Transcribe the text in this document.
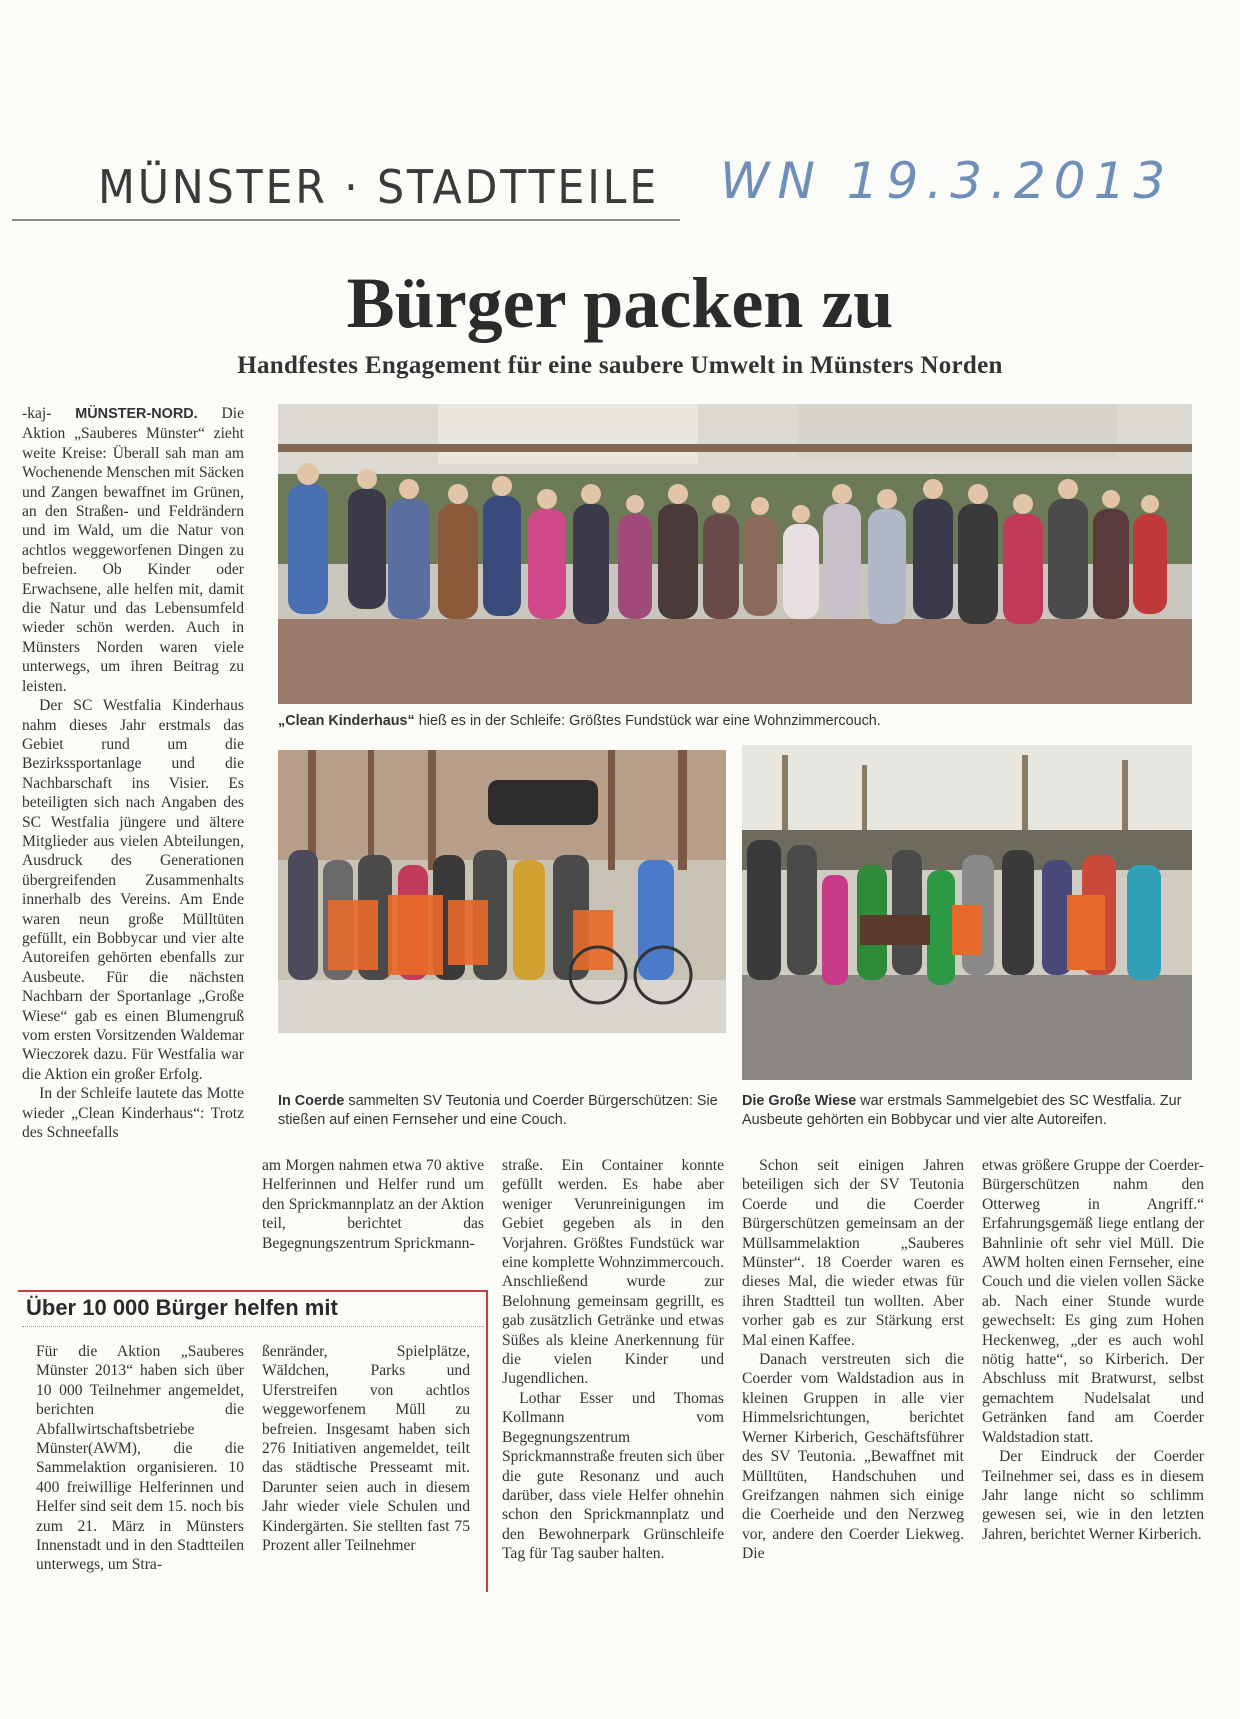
MÜNSTER · STADTTEILE WN 19.3.2013
Bürger packen zu
Handfestes Engagement für eine saubere Umwelt in Münsters Norden

-kaj- MÜNSTER-NORD. Die Aktion „Sauberes Münster“ zieht weite Kreise: Überall sah man am Wochenende Menschen mit Säcken und Zangen bewaffnet im Grünen, an den Straßen- und Feldrändern und im Wald, um die Natur von achtlos weggeworfenen Dingen zu befreien. Ob Kinder oder Erwachsene, alle helfen mit, damit die Natur und das Lebensumfeld wieder schön werden. Auch in Münsters Norden waren viele unterwegs, um ihren Beitrag zu leisten.

Der SC Westfalia Kinderhaus nahm dieses Jahr erstmals das Gebiet rund um die Bezirkssportanlage und die Nachbarschaft ins Visier. Es beteiligten sich nach Angaben des SC Westfalia jüngere und ältere Mitglieder aus vielen Abteilungen, Ausdruck des Generationen übergreifenden Zusammenhalts innerhalb des Vereins. Am Ende waren neun große Mülltüten gefüllt, ein Bobbycar und vier alte Autoreifen gehörten ebenfalls zur Ausbeute. Für die nächsten Nachbarn der Sportanlage „Große Wiese“ gab es einen Blumengruß vom ersten Vorsitzenden Waldemar Wieczorek dazu. Für Westfalia war die Aktion ein großer Erfolg.

In der Schleife lautete das Motte wieder „Clean Kinderhaus“: Trotz des Schneefalls

„Clean Kinderhaus“ hieß es in der Schleife: Größtes Fundstück war eine Wohnzimmercouch.
In Coerde sammelten SV Teutonia und Coerder Bürgerschützen: Sie stießen auf einen Fernseher und eine Couch.
Die Große Wiese war erstmals Sammelgebiet des SC Westfalia. Zur Ausbeute gehörten ein Bobbycar und vier alte Autoreifen.

am Morgen nahmen etwa 70 aktive Helferinnen und Helfer rund um den Sprickmannplatz an der Aktion teil, berichtet das Begegnungszentrum Sprickmann-

straße. Ein Container konnte gefüllt werden. Es habe aber weniger Verunreinigungen im Gebiet gegeben als in den Vorjahren. Größtes Fundstück war eine komplette Wohnzimmercouch. Anschließend wurde zur Belohnung gemeinsam gegrillt, es gab zusätzlich Getränke und etwas Süßes als kleine Anerkennung für die vielen Kinder und Jugendlichen.

Lothar Esser und Thomas Kollmann vom Begegnungszentrum Sprickmannstraße freuten sich über die gute Resonanz und auch darüber, dass viele Helfer ohnehin schon den Sprickmannplatz und den Bewohnerpark Grünschleife Tag für Tag sauber halten.

Schon seit einigen Jahren beteiligen sich der SV Teutonia Coerde und die Coerder Bürgerschützen gemeinsam an der Müllsammelaktion „Sauberes Münster“. 18 Coerder waren es dieses Mal, die wieder etwas für ihren Stadtteil tun wollten. Aber vorher gab es zur Stärkung erst Mal einen Kaffee.

Danach verstreuten sich die Coerder vom Waldstadion aus in kleinen Gruppen in alle vier Himmelsrichtungen, berichtet Werner Kirberich, Geschäftsführer des SV Teutonia. „Bewaffnet mit Mülltüten, Handschuhen und Greifzangen nahmen sich einige die Coerheide und den Nerzweg vor, andere den Coerder Liekweg. Die

etwas größere Gruppe der Coerder-Bürgerschützen nahm den Otterweg in Angriff.“ Erfahrungsgemäß liege entlang der Bahnlinie oft sehr viel Müll. Die AWM holten einen Fernseher, eine Couch und die vielen vollen Säcke ab. Nach einer Stunde wurde gewechselt: Es ging zum Hohen Heckenweg, „der es auch wohl nötig hatte“, so Kirberich. Der Abschluss mit Bratwurst, selbst gemachtem Nudelsalat und Getränken fand am Coerder Waldstadion statt.

Der Eindruck der Coerder Teilnehmer sei, dass es in diesem Jahr lange nicht so schlimm gewesen sei, wie in den letzten Jahren, berichtet Werner Kirberich.

Über 10 000 Bürger helfen mit

Für die Aktion „Sauberes Münster 2013“ haben sich über 10 000 Teilnehmer angemeldet, berichten die Abfallwirtschaftsbetriebe Münster(AWM), die die Sammelaktion organisieren. 10 400 freiwillige Helferinnen und Helfer sind seit dem 15. noch bis zum 21. März in Münsters Innenstadt und in den Stadtteilen unterwegs, um Stra-

ßenränder, Spielplätze, Wäldchen, Parks und Uferstreifen von achtlos weggeworfenem Müll zu befreien. Insgesamt haben sich 276 Initiativen angemeldet, teilt das städtische Presseamt mit. Darunter seien auch in diesem Jahr wieder viele Schulen und Kindergärten. Sie stellten fast 75 Prozent aller Teilnehmer
